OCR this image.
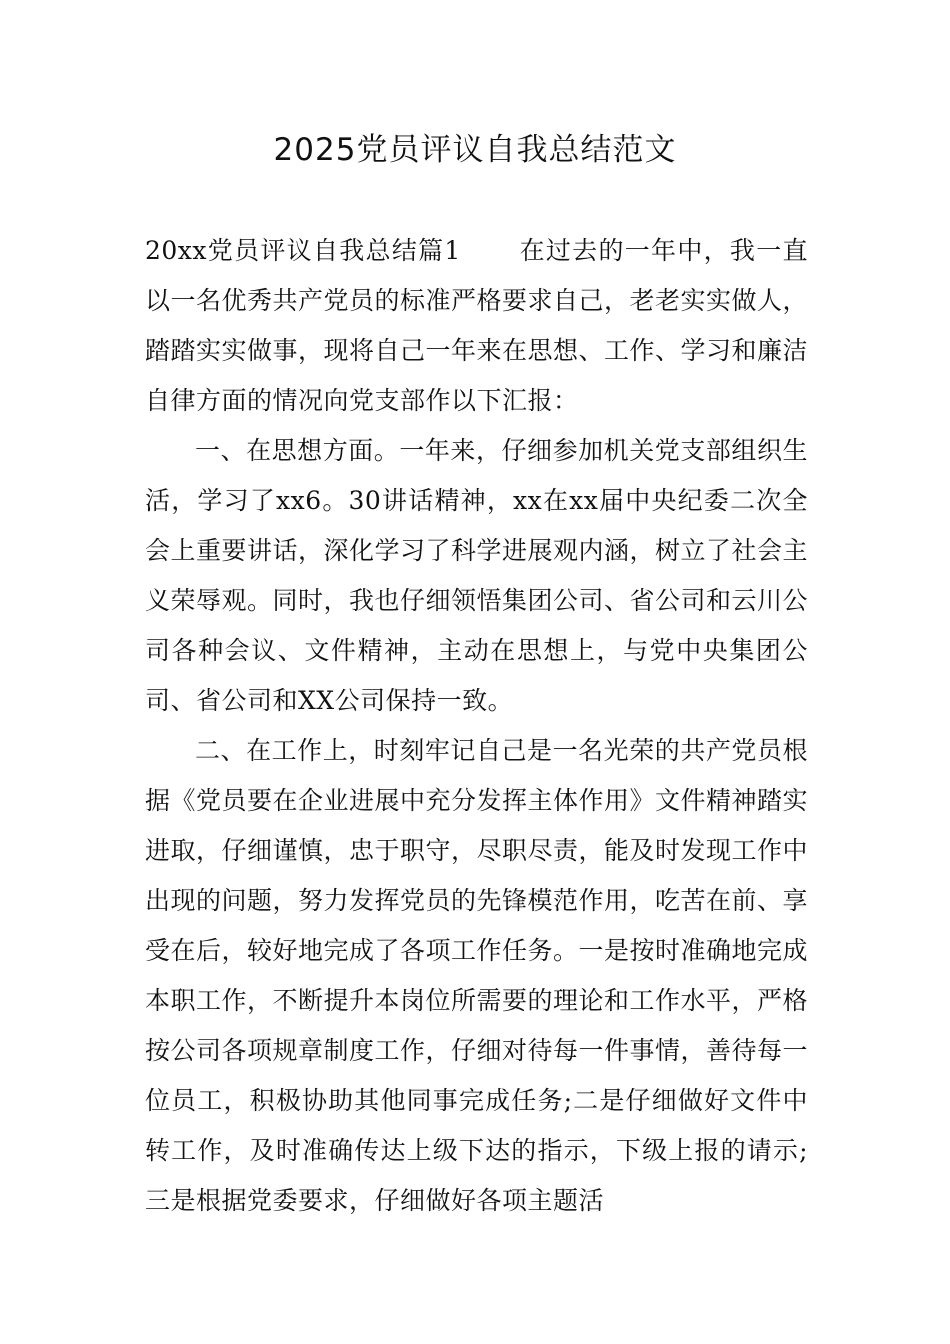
2025党员评议自我总结范文

20xx党员评议自我总结篇1 在过去的一年中，我一直以一名优秀共产党员的标准严格要求自己，老老实实做人，踏踏实实做事，现将自己一年来在思想、工作、学习和廉洁自律方面的情况向党支部作以下汇报：

一、在思想方面。一年来，仔细参加机关党支部组织生活，学习了xx6。30讲话精神，xx在xx届中央纪委二次全会上重要讲话，深化学习了科学进展观内涵，树立了社会主义荣辱观。同时，我也仔细领悟集团公司、省公司和云川公司各种会议、文件精神，主动在思想上，与党中央集团公司、省公司和XX公司保持一致。

二、在工作上，时刻牢记自己是一名光荣的共产党员根据《党员要在企业进展中充分发挥主体作用》文件精神踏实进取，仔细谨慎，忠于职守，尽职尽责，能及时发现工作中出现的问题，努力发挥党员的先锋模范作用，吃苦在前、享受在后，较好地完成了各项工作任务。一是按时准确地完成本职工作，不断提升本岗位所需要的理论和工作水平，严格按公司各项规章制度工作，仔细对待每一件事情，善待每一位员工，积极协助其他同事完成任务;二是仔细做好文件中转工作，及时准确传达上级下达的指示，下级上报的请示;三是根据党委要求，仔细做好各项主题活
